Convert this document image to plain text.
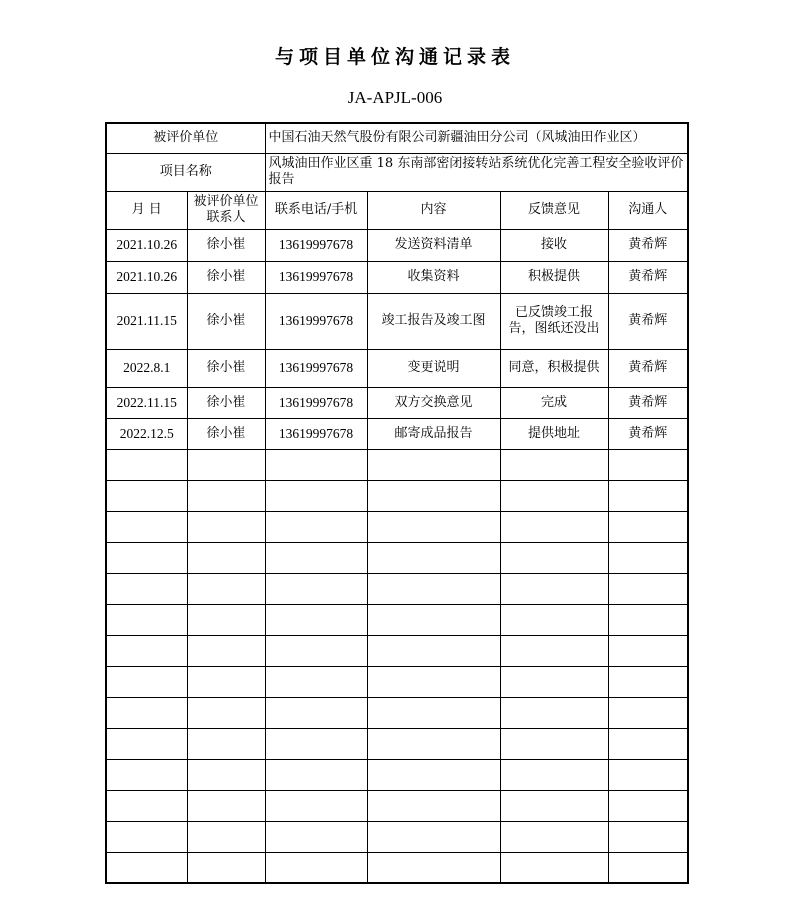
与项目单位沟通记录表
JA-APJL-006
被评价单位		中国石油天然气股份有限公司新疆油田分公司（风城油田作业区）			
项目名称		风城油田作业区重 18 东南部密闭接转站系统优化完善工程安全验收评价报告			
月 日	被评价单位联系人	联系电话/手机	内容	反馈意见	沟通人
2021.10.26	徐小崔	13619997678	发送资料清单	接收	黄希辉
2021.10.26	徐小崔	13619997678	收集资料	积极提供	黄希辉
2021.11.15	徐小崔	13619997678	竣工报告及竣工图	已反馈竣工报告，图纸还没出	黄希辉
2022.8.1	徐小崔	13619997678	变更说明	同意，积极提供	黄希辉
2022.11.15	徐小崔	13619997678	双方交换意见	完成	黄希辉
2022.12.5	徐小崔	13619997678	邮寄成品报告	提供地址	黄希辉
